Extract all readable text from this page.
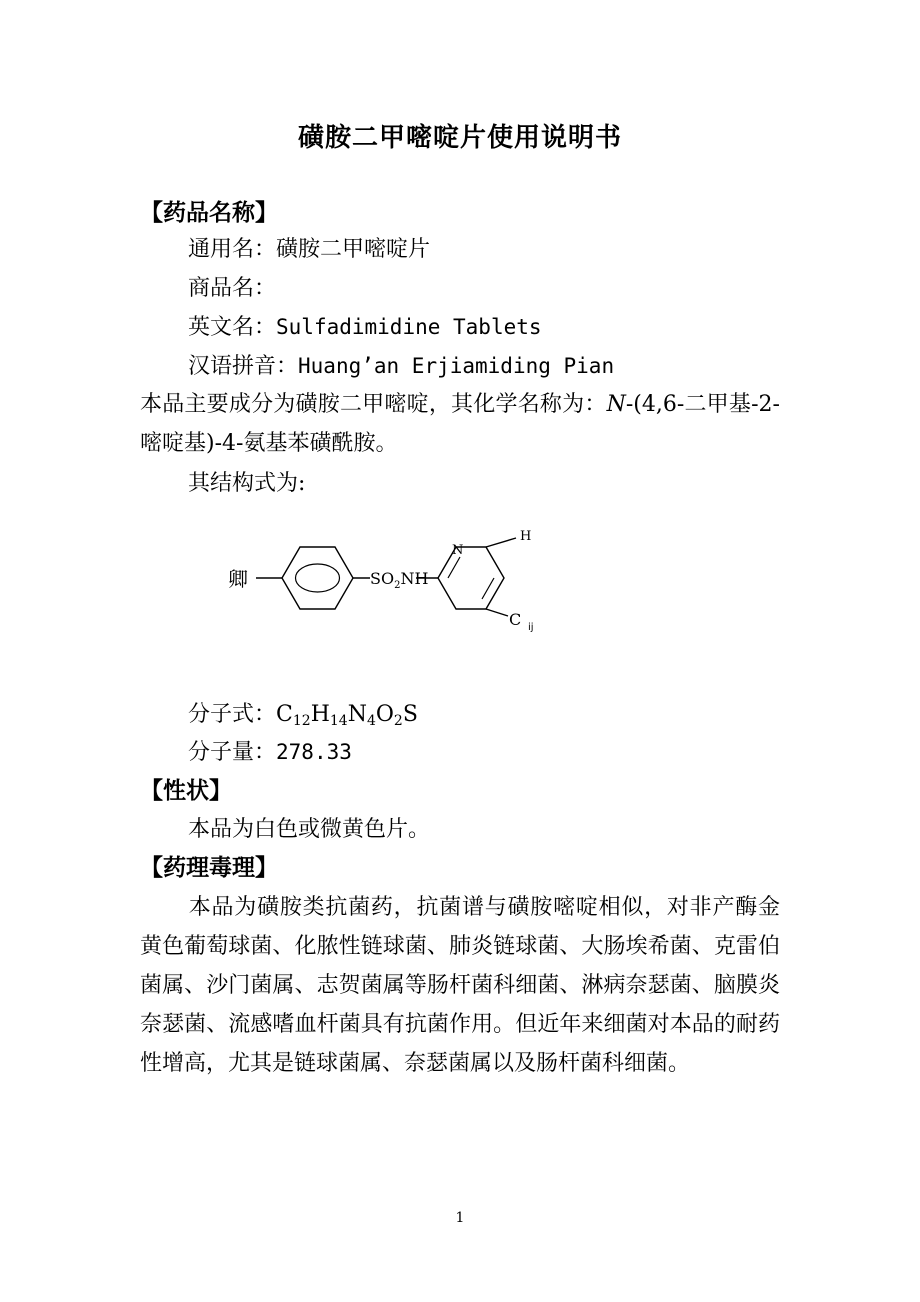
磺胺二甲嘧啶片使用说明书
【药品名称】
通用名：磺胺二甲嘧啶片
商品名：
英文名：Sulfadimidine Tablets
汉语拼音：Huang’an Erjiamiding Pian
本品主要成分为磺胺二甲嘧啶，其化学名称为：N-(4,6-二甲基-2-嘧啶基)-4-氨基苯磺酰胺。
其结构式为:
卿	$SO_2NH$
N
H
C ij
分子式：$C_{12}H_{14}N_4O_2S$
分子量：278.33
【性状】
本品为白色或微黄色片。
【药理毒理】
本品为磺胺类抗菌药，抗菌谱与磺胺嘧啶相似，对非产酶金黄色葡萄球菌、化脓性链球菌、肺炎链球菌、大肠埃希菌、克雷伯菌属、沙门菌属、志贺菌属等肠杆菌科细菌、淋病奈瑟菌、脑膜炎奈瑟菌、流感嗜血杆菌具有抗菌作用。但近年来细菌对本品的耐药性增高，尤其是链球菌属、奈瑟菌属以及肠杆菌科细菌。
1
